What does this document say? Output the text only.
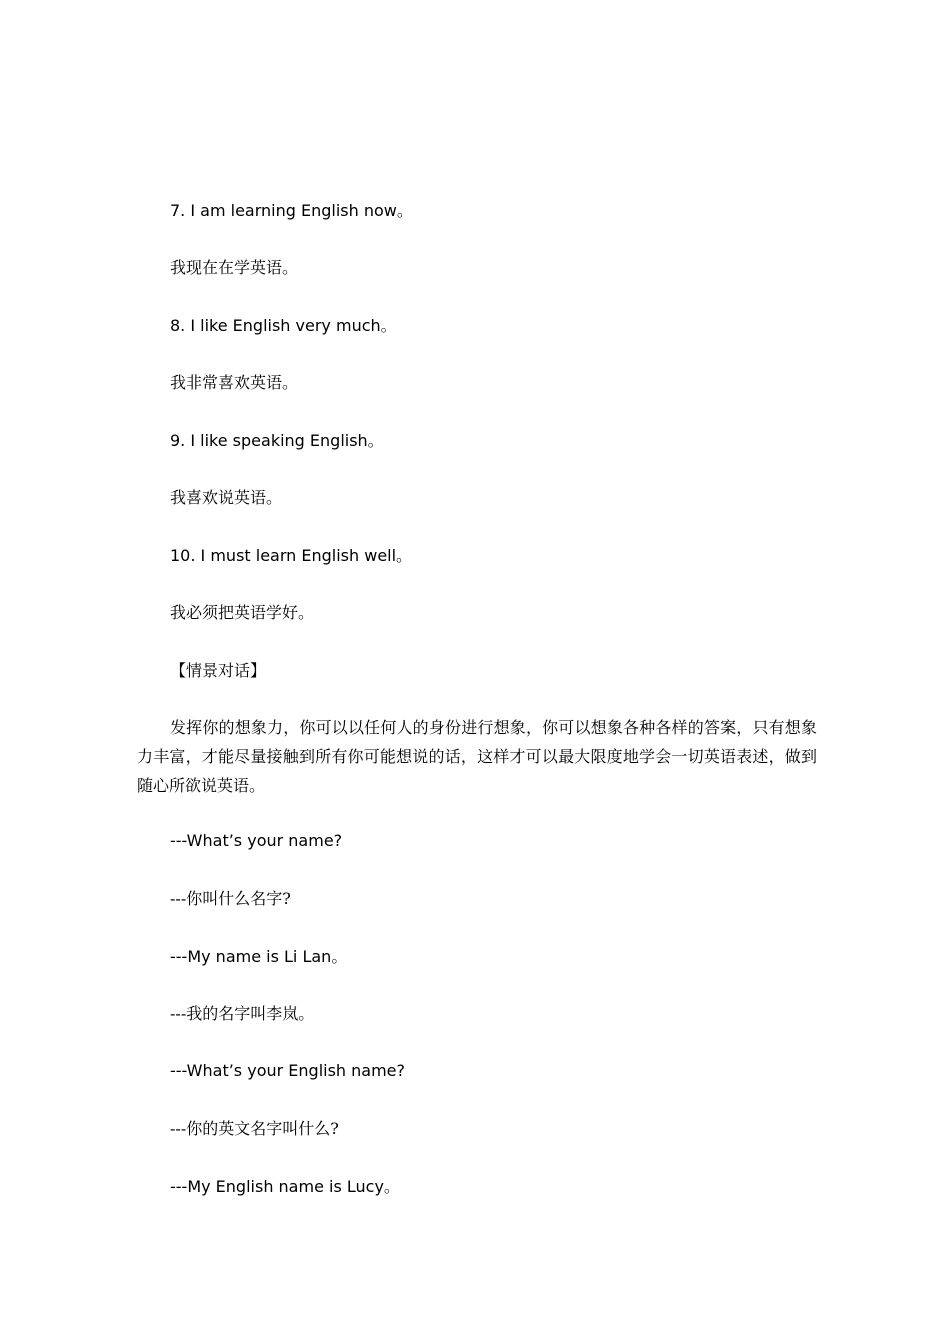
7. I am learning English now。

我现在在学英语。

8. I like English very much。

我非常喜欢英语。

9. I like speaking English。

我喜欢说英语。

10. I must learn English well。

我必须把英语学好。

【情景对话】

发挥你的想象力，你可以以任何人的身份进行想象，你可以想象各种各样的答案，只有想象力丰富，才能尽量接触到所有你可能想说的话，这样才可以最大限度地学会一切英语表述，做到随心所欲说英语。

---What’s your name?

---你叫什么名字?

---My name is Li Lan。

---我的名字叫李岚。

---What’s your English name?

---你的英文名字叫什么?

---My English name is Lucy。
